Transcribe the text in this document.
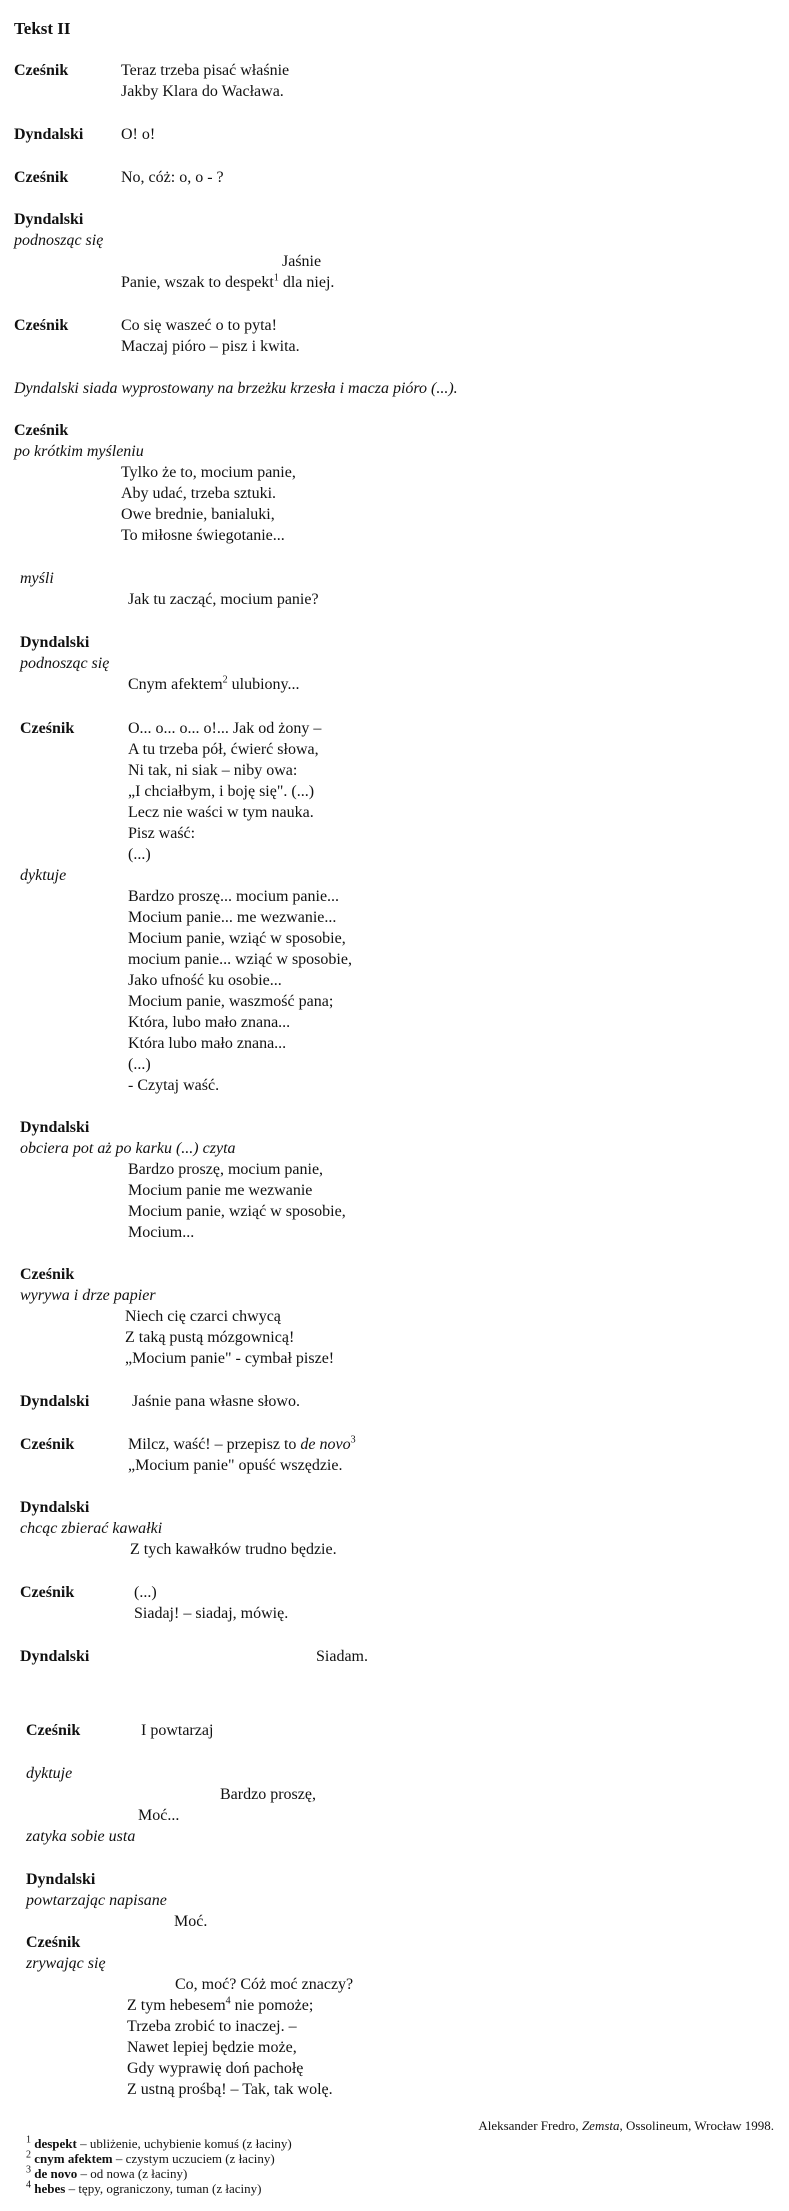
Tekst II
Cześnik	Teraz trzeba pisać właśnie
Jakby Klara do Wacława.
Dyndalski O! o!
Cześnik	No, cóż: o, o - ?
Dyndalski
podnosząc się
Jaśnie
Panie, wszak to despekt$^1$ dla niej.
Cześnik	Co się waszeć o to pyta!
Maczaj pióro – pisz i kwita.
Dyndalski siada wyprostowany na brzeżku krzesła i macza pióro (...).
Cześnik
po krótkim myśleniu
Tylko że to, mocium panie,
Aby udać, trzeba sztuki.
Owe brednie, banialuki,
To miłosne świegotanie...
myśli
Jak tu zacząć, mocium panie?
Dyndalski
podnosząc się
Cnym afektem$^2$ ulubiony...
Cześnik	O... o... o... o!... Jak od żony –
A tu trzeba pół, ćwierć słowa,
Ni tak, ni siak – niby owa:
„I chciałbym, i boję się". (...)
Lecz nie waści w tym nauka.
Pisz waść:
(...)
dyktuje
Bardzo proszę... mocium panie...
Mocium panie... me wezwanie...
Mocium panie, wziąć w sposobie,
mocium panie... wziąć w sposobie,
Jako ufność ku osobie...
Mocium panie, waszmość pana;
Która, lubo mało znana...
Która lubo mało znana...
(...)
- Czytaj waść.
Dyndalski
obciera pot aż po karku (...) czyta
Bardzo proszę, mocium panie,
Mocium panie me wezwanie
Mocium panie, wziąć w sposobie,
Mocium...
Cześnik
wyrywa i drze papier
Niech cię czarci chwycą
Z taką pustą mózgownicą!
„Mocium panie" - cymbał pisze!
Dyndalski	Jaśnie pana własne słowo.
Cześnik	Milcz, waść! – przepisz to de novo$^3$
„Mocium panie" opuść wszędzie.
Dyndalski
chcąc zbierać kawałki
Z tych kawałków trudno będzie.
Cześnik	(...)
Siadaj! – siadaj, mówię.
Dyndalski	Siadam.
Cześnik	I powtarzaj
dyktuje
Bardzo proszę,
Moć...
zatyka sobie usta
Dyndalski
powtarzając napisane
Moć.
Cześnik
zrywając się
Co, moć? Cóż moć znaczy?
Z tym hebesem$^4$ nie pomoże;
Trzeba zrobić to inaczej. –
Nawet lepiej będzie może,
Gdy wyprawię doń pachołę
Z ustną prośbą! – Tak, tak wolę.
Aleksander Fredro, Zemsta, Ossolineum, Wrocław 1998.
$^1$ despekt – ubliżenie, uchybienie komuś (z łaciny)
$^2$ cnym afektem – czystym uczuciem (z łaciny)
$^3$ de novo – od nowa (z łaciny)
$^4$ hebes – tępy, ograniczony, tuman (z łaciny)
